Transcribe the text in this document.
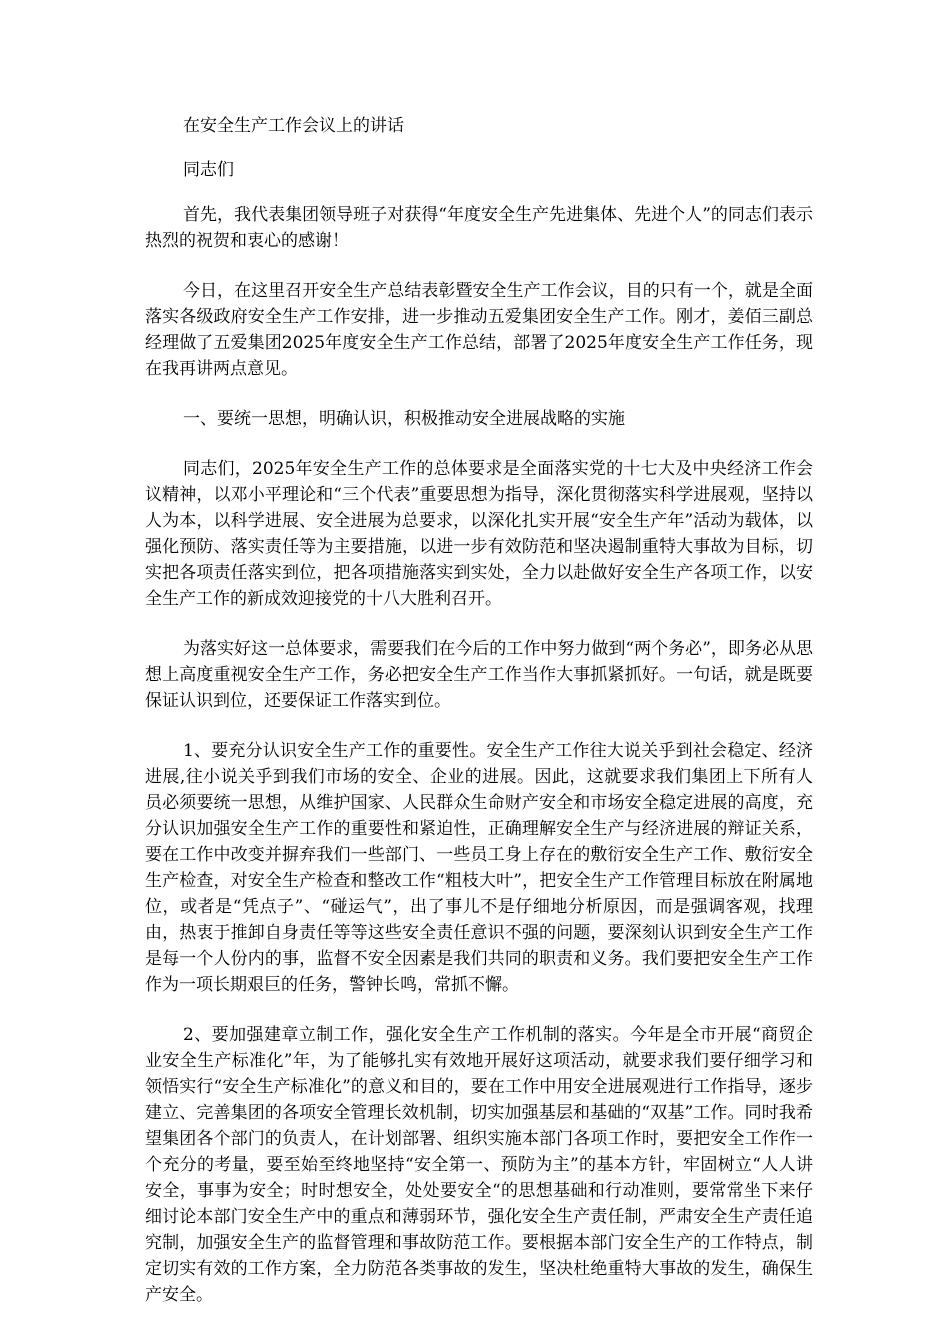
在安全生产工作会议上的讲话

同志们

首先，我代表集团领导班子对获得“年度安全生产先进集体、先进个人”的同志们表示热烈的祝贺和衷心的感谢！

今日，在这里召开安全生产总结表彰暨安全生产工作会议，目的只有一个，就是全面落实各级政府安全生产工作安排，进一步推动五爱集团安全生产工作。刚才，姜佰三副总经理做了五爱集团2025年度安全生产工作总结，部署了2025年度安全生产工作任务，现在我再讲两点意见。

一、要统一思想，明确认识，积极推动安全进展战略的实施

同志们，2025年安全生产工作的总体要求是全面落实党的十七大及中央经济工作会议精神，以邓小平理论和“三个代表”重要思想为指导，深化贯彻落实科学进展观，坚持以人为本，以科学进展、安全进展为总要求，以深化扎实开展“安全生产年”活动为载体，以强化预防、落实责任等为主要措施，以进一步有效防范和坚决遏制重特大事故为目标，切实把各项责任落实到位，把各项措施落实到实处，全力以赴做好安全生产各项工作，以安全生产工作的新成效迎接党的十八大胜利召开。

为落实好这一总体要求，需要我们在今后的工作中努力做到“两个务必”，即务必从思想上高度重视安全生产工作，务必把安全生产工作当作大事抓紧抓好。一句话，就是既要保证认识到位，还要保证工作落实到位。

1、要充分认识安全生产工作的重要性。安全生产工作往大说关乎到社会稳定、经济进展,往小说关乎到我们市场的安全、企业的进展。因此，这就要求我们集团上下所有人员必须要统一思想，从维护国家、人民群众生命财产安全和市场安全稳定进展的高度，充分认识加强安全生产工作的重要性和紧迫性，正确理解安全生产与经济进展的辩证关系，要在工作中改变并摒弃我们一些部门、一些员工身上存在的敷衍安全生产工作、敷衍安全生产检查，对安全生产检查和整改工作“粗枝大叶”，把安全生产工作管理目标放在附属地位，或者是“凭点子”、“碰运气”，出了事儿不是仔细地分析原因，而是强调客观，找理由，热衷于推卸自身责任等等这些安全责任意识不强的问题，要深刻认识到安全生产工作是每一个人份内的事，监督不安全因素是我们共同的职责和义务。我们要把安全生产工作作为一项长期艰巨的任务，警钟长鸣，常抓不懈。

2、要加强建章立制工作，强化安全生产工作机制的落实。今年是全市开展“商贸企业安全生产标准化”年，为了能够扎实有效地开展好这项活动，就要求我们要仔细学习和领悟实行“安全生产标准化”的意义和目的，要在工作中用安全进展观进行工作指导，逐步建立、完善集团的各项安全管理长效机制，切实加强基层和基础的“双基”工作。同时我希望集团各个部门的负责人，在计划部署、组织实施本部门各项工作时，要把安全工作作一个充分的考量，要至始至终地坚持“安全第一、预防为主”的基本方针，牢固树立“人人讲安全，事事为安全；时时想安全，处处要安全“的思想基础和行动准则，要常常坐下来仔细讨论本部门安全生产中的重点和薄弱环节，强化安全生产责任制，严肃安全生产责任追究制，加强安全生产的监督管理和事故防范工作。要根据本部门安全生产的工作特点，制定切实有效的工作方案，全力防范各类事故的发生，坚决杜绝重特大事故的发生，确保生产安全。
